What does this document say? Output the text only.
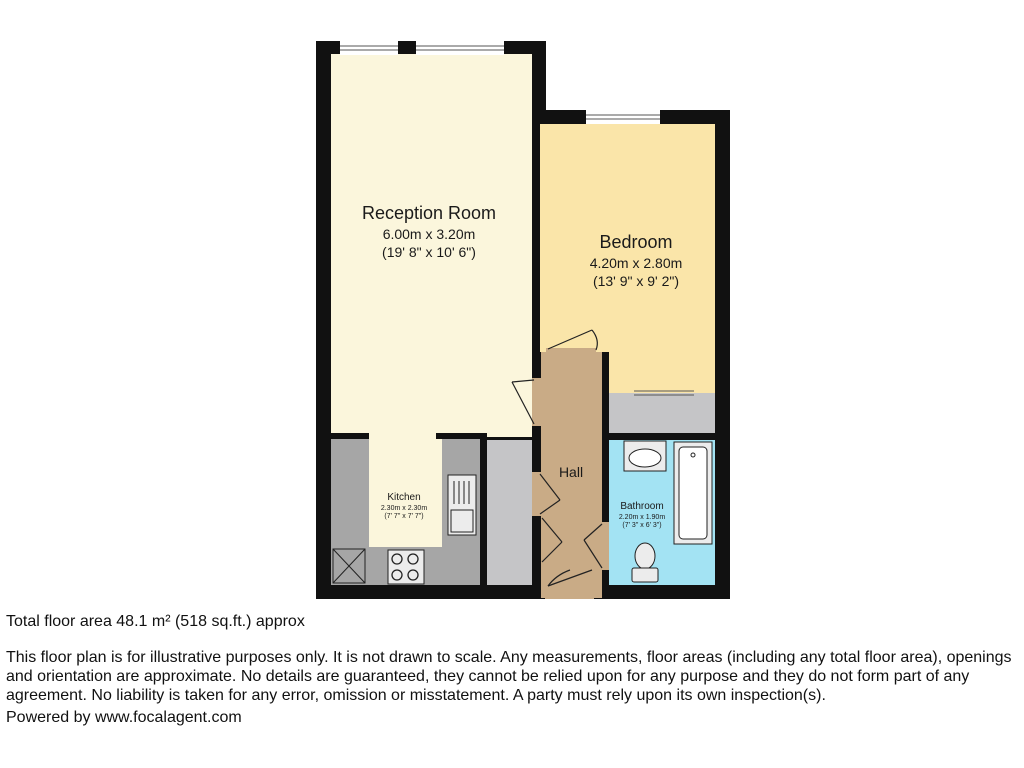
Reception Room
6.00m x 3.20m
(19' 8" x 10' 6")	Bedroom
4.20m x 2.80m
(13' 9" x 9' 2")
Hall
Kitchen
2.30m x 2.30m
(7' 7" x 7' 7")
Bathroom
2.20m x 1.90m
(7' 3" x 6' 3")
Total floor area 48.1 m² (518 sq.ft.) approx
This floor plan is for illustrative purposes only. It is not drawn to scale. Any measurements, floor areas (including any total floor area), openings and orientation are approximate. No details are guaranteed, they cannot be relied upon for any purpose and they do not form part of any agreement. No liability is taken for any error, omission or misstatement. A party must rely upon its own inspection(s).
Powered by www.focalagent.com
